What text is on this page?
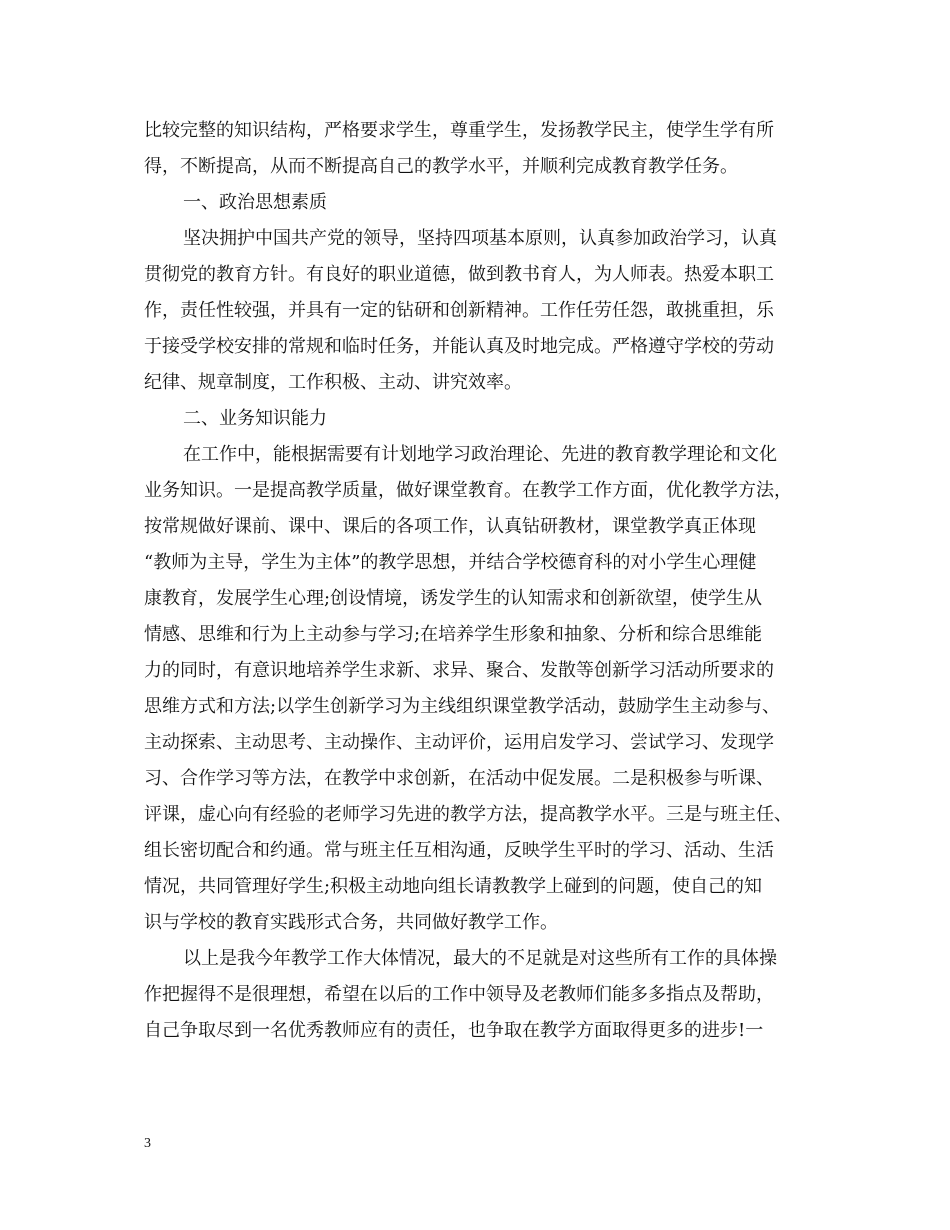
比较完整的知识结构，严格要求学生，尊重学生，发扬教学民主，使学生学有所
得，不断提高，从而不断提高自己的教学水平，并顺利完成教育教学任务。
一、政治思想素质
坚决拥护中国共产党的领导，坚持四项基本原则，认真参加政治学习，认真
贯彻党的教育方针。有良好的职业道德，做到教书育人，为人师表。热爱本职工
作，责任性较强，并具有一定的钻研和创新精神。工作任劳任怨，敢挑重担，乐
于接受学校安排的常规和临时任务，并能认真及时地完成。严格遵守学校的劳动
纪律、规章制度，工作积极、主动、讲究效率。
二、业务知识能力
在工作中，能根据需要有计划地学习政治理论、先进的教育教学理论和文化
业务知识。一是提高教学质量，做好课堂教育。在教学工作方面，优化教学方法，
按常规做好课前、课中、课后的各项工作，认真钻研教材，课堂教学真正体现
“教师为主导，学生为主体”的教学思想，并结合学校德育科的对小学生心理健
康教育，发展学生心理;创设情境，诱发学生的认知需求和创新欲望，使学生从
情感、思维和行为上主动参与学习;在培养学生形象和抽象、分析和综合思维能
力的同时，有意识地培养学生求新、求异、聚合、发散等创新学习活动所要求的
思维方式和方法;以学生创新学习为主线组织课堂教学活动，鼓励学生主动参与、
主动探索、主动思考、主动操作、主动评价，运用启发学习、尝试学习、发现学
习、合作学习等方法，在教学中求创新，在活动中促发展。二是积极参与听课、
评课，虚心向有经验的老师学习先进的教学方法，提高教学水平。三是与班主任、
组长密切配合和约通。常与班主任互相沟通，反映学生平时的学习、活动、生活
情况，共同管理好学生;积极主动地向组长请教教学上碰到的问题，使自己的知
识与学校的教育实践形式合务，共同做好教学工作。
以上是我今年教学工作大体情况，最大的不足就是对这些所有工作的具体操
作把握得不是很理想，希望在以后的工作中领导及老教师们能多多指点及帮助，
自己争取尽到一名优秀教师应有的责任，也争取在教学方面取得更多的进步!一
3
